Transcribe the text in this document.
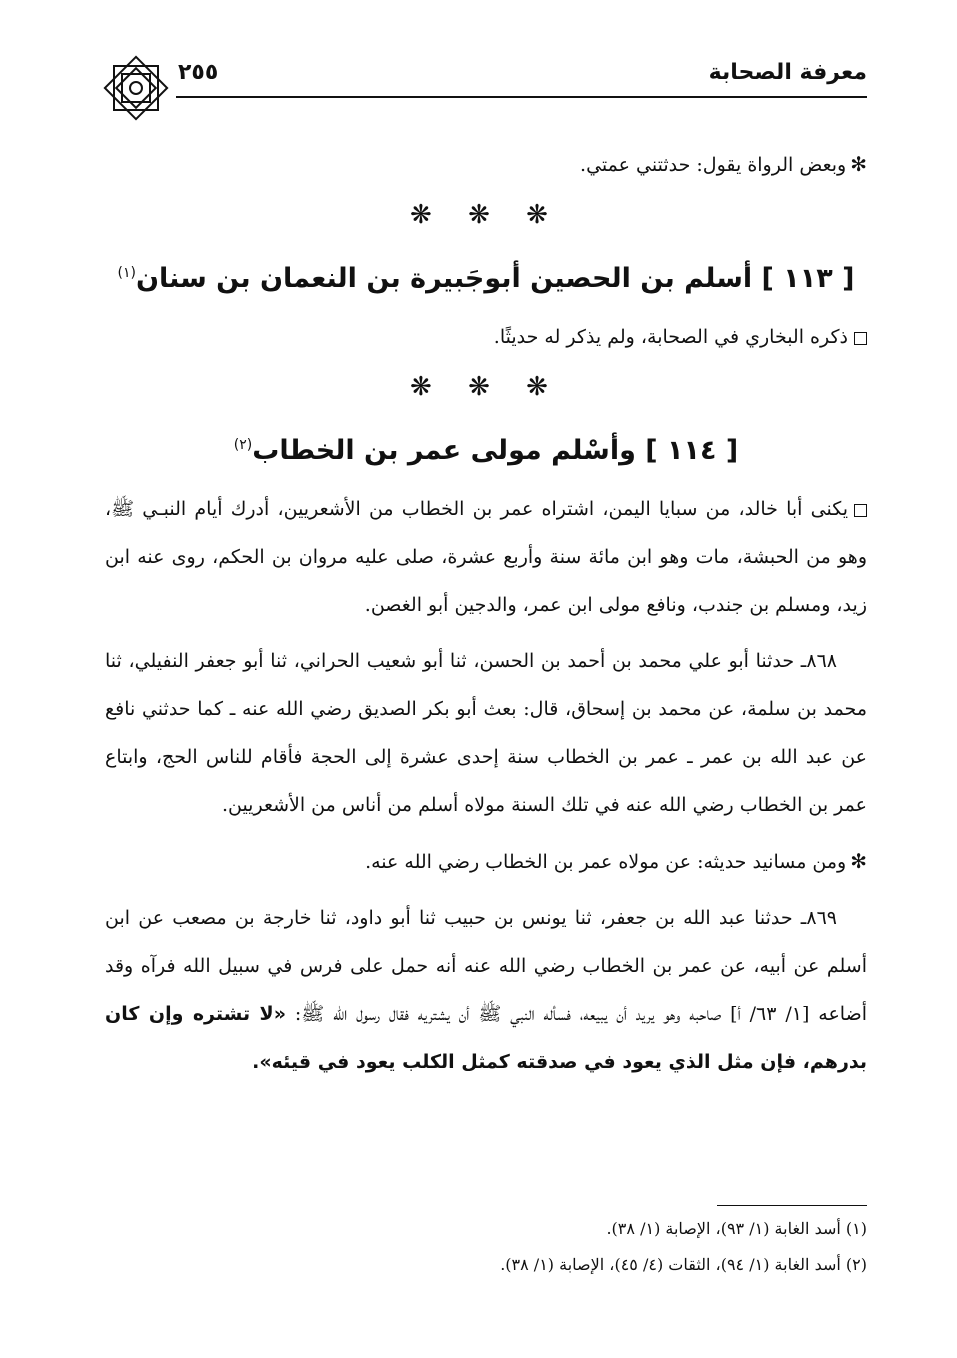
٢٥٥	معرفة الصحابة

✻وبعض الرواة يقول: حدثتني عمتي.

❋ ❋ ❋
[ ١١٣ ] أسلم بن الحصين أبوجَبيرة بن النعمان بن سنان$^{(١)}$

ذكره البخاري في الصحابة، ولم يذكر له حديثًا.

❋ ❋ ❋
[ ١١٤ ] وأسْلم مولى عمر بن الخطاب$^{(٢)}$

يكنى أبا خالد، من سبايا اليمن، اشتراه عمر بن الخطاب من الأشعريين، أدرك أيام النبـي ﷺ، وهو من الحبشة، مات وهو ابن مائة سنة وأربع عشرة، صلى عليه مروان بن الحكم، روى عنه ابن زيد، ومسلم بن جندب، ونافع مولى ابن عمر، والدجين أبو الغصن.

٨٦٨ـ حدثنا أبو علي محمد بن أحمد بن الحسن، ثنا أبو شعيب الحراني، ثنا أبو جعفر النفيلي، ثنا محمد بن سلمة، عن محمد بن إسحاق، قال: بعث أبو بكر الصديق رضي الله عنه ـ كما حدثني نافع عن عبد الله بن عمر ـ عمر بن الخطاب سنة إحدى عشرة إلى الحجة فأقام للناس الحج، وابتاع عمر بن الخطاب رضي الله عنه في تلك السنة مولاه أسلم من أناس من الأشعريين.

✻ومن مسانيد حديثه: عن مولاه عمر بن الخطاب رضي الله عنه.

٨٦٩ـ حدثنا عبد الله بن جعفر، ثنا يونس بن حبيب ثنا أبو داود، ثنا خارجة بن مصعب عن ابن أسلم عن أبيه، عن عمر بن الخطاب رضي الله عنه أنه حمل على فرس في سبيل الله فرآه وقد أضاعه [١/ ٦٣/ أ] صاحبه وهو يريد أن يبيعه، فسأله النبي ﷺ أن يشتريه فقال رسول الله ﷺ: «لا تشتره وإن كان بدرهم، فإن مثل الذي يعود في صدقته كمثل الكلب يعود في قيئه».

(١) أسد الغابة (١/ ٩٣)، الإصابة (١/ ٣٨).

(٢) أسد الغابة (١/ ٩٤)، الثقات (٤/ ٤٥)، الإصابة (١/ ٣٨).
